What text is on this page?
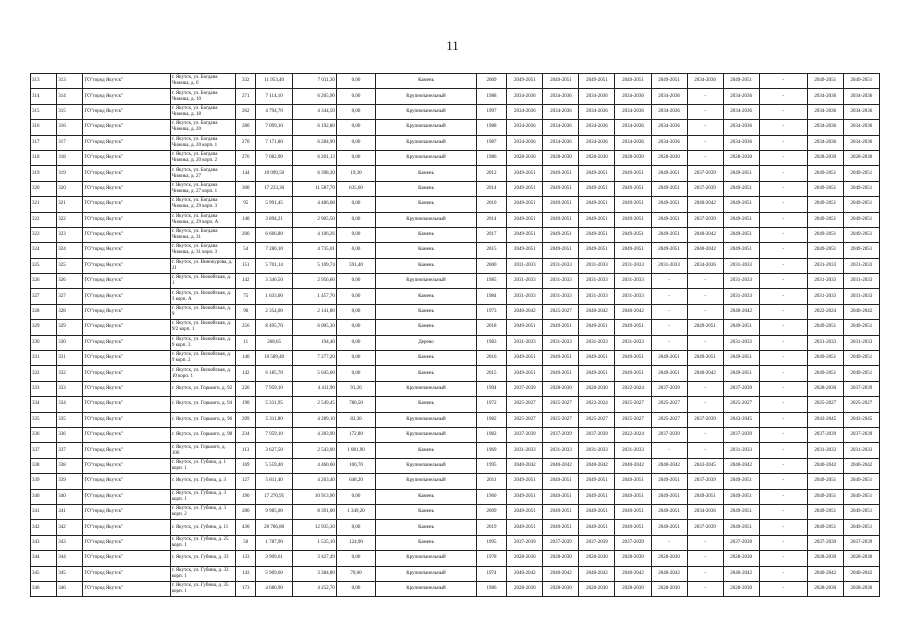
11
313	313	ГО"город Якутск"	г. Якутск, ул. Богдана Чижика, д. 6	332	11 953,40	7 011,30	0,00	Камень	2009	2049-2051	2049-2051	2049-2051	2049-2051	2049-2051	2034-2036	2049-2051	-	2049-2051	2049-2051
314	314	ГО"город Якутск"	г. Якутск, ул. Богдана Чижика, д. 10	271	7 114,10	6 265,90	0,00	Крупнопанельный	1988	2034-2036	2034-2036	2034-2036	2034-2036	2034-2036	-	2034-2036	-	2034-2036	2034-2036
315	315	ГО"город Якутск"	г. Якутск, ул. Богдана Чижика, д. 18	262	4 794,70	4 344,50	0,00	Крупнопанельный	1997	2034-2036	2034-2036	2034-2036	2034-2036	2034-2036	-	2034-2036	-	2034-2036	2034-2036
316	316	ГО"город Якутск"	г. Якутск, ул. Богдана Чижика, д. 20	280	7 099,10	6 192,80	0,00	Крупнопанельный	1988	2034-2036	2034-2036	2034-2036	2034-2036	2034-2036	-	2034-2036	-	2034-2036	2034-2036
317	317	ГО"город Якутск"	г. Якутск, ул. Богдана Чижика, д. 20 корп. 1	270	7 171,80	6 284,90	0,00	Крупнопанельный	1987	2034-2036	2034-2036	2034-2036	2034-2036	2034-2036	-	2034-2036	-	2034-2036	2034-2036
318	318	ГО"город Якутск"	г. Якутск, ул. Богдана Чижика, д. 20 корп. 2	276	7 082,90	6 201,13	0,00	Крупнопанельный	1986	2028-2030	2028-2030	2028-2030	2028-2030	2028-2030	-	2028-2030	-	2028-2030	2028-2030
319	319	ГО"город Якутск"	г. Якутск, ул. Богдана Чижика, д. 27	144	10 099,50	6 398,30	19,30	Камень	2012	2049-2051	2049-2051	2049-2051	2049-2051	2049-2051	2037-2039	2049-2051	-	2049-2051	2049-2051
320	320	ГО"город Якутск"	г. Якутск, ул. Богдана Чижика, д. 27 корп. 1	300	17 233,30	11 587,70	635,60	Камень	2014	2049-2051	2049-2051	2049-2051	2049-2051	2049-2051	2037-2039	2049-2051	-	2049-2051	2049-2051
321	321	ГО"город Якутск"	г. Якутск, ул. Богдана Чижика, д. 29 корп. 3	95	5 991,45	4 486,08	0,00	Камень	2010	2049-2051	2049-2051	2049-2051	2049-2051	2049-2051	2040-2042	2049-2051	-	2049-2051	2049-2051
322	322	ГО"город Якутск"	г. Якутск, ул. Богдана Чижика, д. 29 корп. А	140	3 894,21	2 905,50	0,00	Крупнопанельный	2014	2049-2051	2049-2051	2049-2051	2049-2051	2049-2051	2037-2039	2049-2051	-	2049-2051	2049-2051
323	323	ГО"город Якутск"	г. Якутск, ул. Богдана Чижика, д. 31	206	6 666,80	4 106,26	0,00	Камень	2017	2049-2051	2049-2051	2049-2051	2049-2051	2049-2051	2040-2042	2049-2051	-	2049-2051	2049-2051
324	324	ГО"город Якутск"	г. Якутск, ул. Богдана Чижика, д. 31 корп. 3	54	7 280,10	4 735,01	0,00	Камень	2015	2049-2051	2049-2051	2049-2051	2049-2051	2049-2051	2040-2042	2049-2051	-	2049-2051	2049-2051
325	325	ГО"город Якутск"	г. Якутск, ул. Винокурова, д. 21	151	5 701,14	5 109,74	591,40	Камень	2000	2031-2033	2031-2033	2031-2033	2031-2033	2031-2033	2034-2036	2031-2033	-	2031-2033	2031-2033
326	326	ГО"город Якутск"	г. Якутск, ул. Вилюйская, д. 1	142	3 346,50	2 956,60	0,00	Крупнопанельный	1985	2031-2033	2031-2033	2031-2033	2031-2033	-	-	2031-2033	-	2031-2033	2031-2033
327	327	ГО"город Якутск"	г. Якутск, ул. Вилюйская, д. 3 корп. А	75	1 633,00	1 457,70	0,00	Камень	1984	2031-2033	2031-2033	2031-2033	2031-2033	-	-	2031-2033	-	2031-2033	2031-2033
328	328	ГО"город Якутск"	г. Якутск, ул. Вилюйская, д. 9	96	2 354,00	2 141,80	0,00	Камень	1973	2040-2042	2025-2027	2040-2042	2040-2042	-	-	2040-2042	-	2022-2024	2040-2042
329	329	ГО"город Якутск"	г. Якутск, ул. Вилюйская, д. 9/2 корп. 1	256	8 495,70	6 005,30	0,00	Камень	2018	2049-2051	2049-2051	2049-2051	2049-2051	-	2049-2051	2049-2051	-	2049-2051	2049-2051
330	330	ГО"город Якутск"	г. Якутск, ул. Вилюйская, д. 9 корп. 3	11	268,65	194,40	0,00	Дерево	1983	2031-2033	2031-2033	2031-2033	2031-2033	-	-	2031-2033	-	2031-2033	2031-2033
331	331	ГО"город Якутск"	г. Якутск, ул. Вилюйская, д. 9 корп. 2	140	10 589,40	7 277,20	0,00	Камень	2016	2049-2051	2049-2051	2049-2051	2049-2051	2049-2051	2049-2051	2049-2051	-	2049-2051	2049-2051
332	332	ГО"город Якутск"	г. Якутск, ул. Вилюйская, д. 10 корп. 1	142	6 185,70	5 045,60	0,00	Камень	2015	2049-2051	2049-2051	2049-2051	2049-2051	2049-2051	2040-2042	2049-2051	-	2049-2051	2049-2051
333	333	ГО"город Якутск"	г. Якутск, ул. Горького, д. 92	226	7 959,10	4 411,90	91,20	Крупнопанельный	1994	2037-2039	2028-2030	2028-2030	2022-2024	2037-2039	-	2037-2039	-	2028-2030	2037-2039
334	334	ГО"город Якутск"	г. Якутск, ул. Горького, д. 94	190	5 331,95	2 549,45	780,50	Камень	1972	2025-2027	2025-2027	2022-2024	2025-2027	2025-2027	-	2025-2027	-	2025-2027	2025-2027
335	335	ГО"город Якутск"	г. Якутск, ул. Горького, д. 96	209	5 311,80	4 289,10	82,30	Крупнопанельный	1982	2025-2027	2025-2027	2025-2027	2025-2027	2025-2027	2037-2039	2043-2045	-	2043-2045	2043-2045
336	336	ГО"город Якутск"	г. Якутск, ул. Горького, д. 98	234	7 959,10	4 283,90	172,80	Крупнопанельный	1982	2037-2039	2037-2039	2037-2039	2022-2024	2037-2039	-	2037-2039	-	2037-2039	2037-2039
337	337	ГО"город Якутск"	г. Якутск, ул. Горького, д. 100	113	3 627,50	2 543,00	1 081,90	Камень	1969	2031-2033	2031-2033	2031-2033	2031-2033	-	-	2031-2033	-	2031-2033	2031-2033
338	338	ГО"город Якутск"	г. Якутск, ул. Губина, д. 1 корп. 1	169	5 559,40	4 460,60	100,70	Крупнопанельный	1995	2040-2042	2040-2042	2040-2042	2040-2042	2040-2042	2043-2045	2040-2042	-	2040-2042	2040-2042
339	339	ГО"город Якутск"	г. Якутск, ул. Губина, д. 3	127	5 811,40	4 263,40	648,20	Крупнопанельный	2011	2049-2051	2049-2051	2049-2051	2049-2051	2049-2051	2037-2039	2049-2051	-	2049-2051	2049-2051
340	340	ГО"город Якутск"	г. Якутск, ул. Губина, д. 3 корп. 1	190	17 270,95	10 913,90	0,00	Камень	1960	2049-2051	2049-2051	2049-2051	2049-2051	2049-2051	2049-2051	2049-2051	-	2049-2051	2049-2051
341	341	ГО"город Якутск"	г. Якутск, ул. Губина, д. 3 корп. 2	280	9 985,00	8 391,00	1 349,20	Камень	2009	2049-2051	2049-2051	2049-2051	2049-2051	2049-2051	2034-2036	2049-2051	-	2049-2051	2049-2051
342	342	ГО"город Якутск"	г. Якутск, ул. Губина, д. 11	430	20 786,80	12 935,30	0,00	Камень	2019	2049-2051	2049-2051	2049-2051	2049-2051	2049-2051	2037-2039	2049-2051	-	2049-2051	2049-2051
343	343	ГО"город Якутск"	г. Якутск, ул. Губина, д. 25 корп. 1	50	1 787,90	1 535,10	124,90	Камень	1995	2037-2039	2037-2039	2037-2039	2037-2039	-	-	2037-2039	-	2037-2039	2037-2039
344	344	ГО"город Якутск"	г. Якутск, ул. Губина, д. 33	133	3 909,61	3 427,49	0,00	Крупнопанельный	1978	2028-2030	2028-2030	2028-2030	2028-2030	2028-2030	-	2028-2030	-	2028-2030	2028-2030
345	345	ГО"город Якутск"	г. Якутск, ул. Губина, д. 33 корп. 1	143	5 969,60	3 384,80	70,60	Крупнопанельный	1974	2040-2042	2040-2042	2040-2042	2040-2042	2040-2042	-	2040-2042	-	2040-2042	2040-2042
346	346	ГО"город Якутск"	г. Якутск, ул. Губина, д. 35 корп. 1	173	4 680,90	4 252,70	0,00	Крупнопанельный	1986	2028-2030	2028-2030	2028-2030	2028-2030	2028-2030	-	2028-2030	-	2028-2030	2028-2030
